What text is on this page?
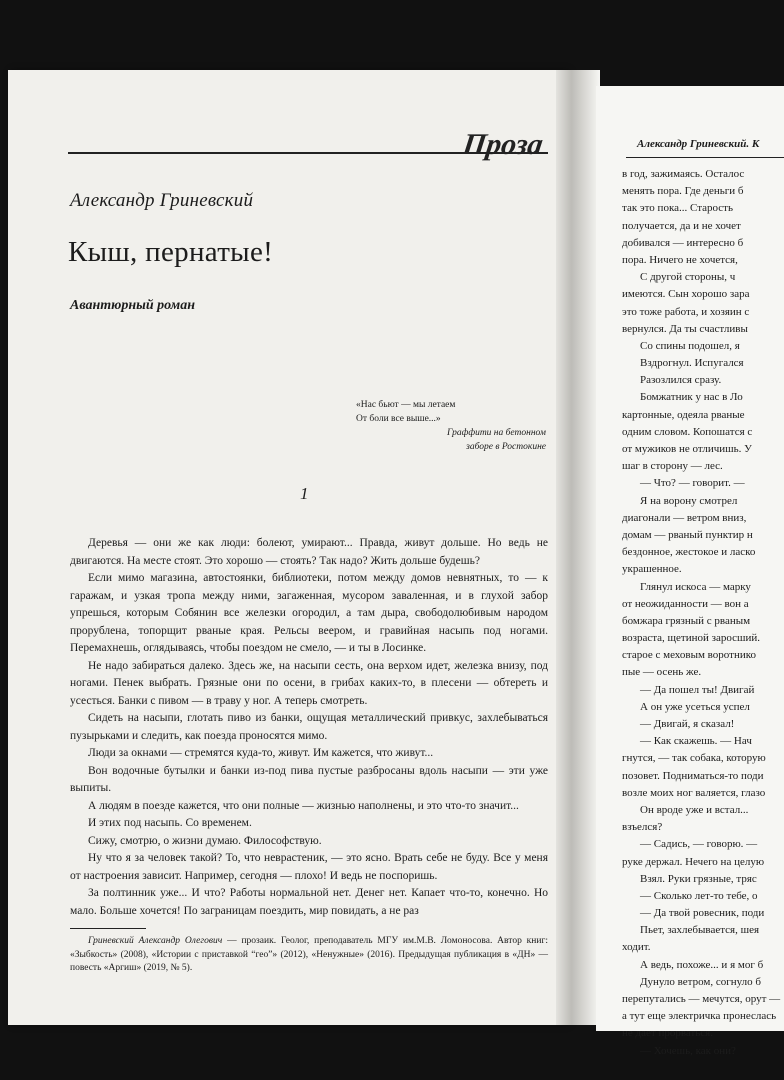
Проза
Александр Гриневский
Кыш, пернатые!
Авантюрный роман
«Нас бьют — мы летаем
От боли все выше...»
Граффити на бетонном
заборе в Ростокине
1

Деревья — они же как люди: болеют, умирают... Правда, живут дольше. Но ведь не двигаются. На месте стоят. Это хорошо — стоять? Так надо? Жить дольше будешь?

Если мимо магазина, автостоянки, библиотеки, потом между домов невнятных, то — к гаражам, и узкая тропа между ними, загаженная, мусором заваленная, и в глухой забор упрешься, которым Собянин все железки огородил, а там дыра, свободолюбивым народом прорублена, топорщит рваные края. Рельсы веером, и гравийная насыпь под ногами. Перемахнешь, оглядываясь, чтобы поездом не смело, — и ты в Лосинке.

Не надо забираться далеко. Здесь же, на насыпи сесть, она верхом идет, железка внизу, под ногами. Пенек выбрать. Грязные они по осени, в грибах каких-то, в плесени — обтереть и усесться. Банки с пивом — в траву у ног. А теперь смотреть.

Сидеть на насыпи, глотать пиво из банки, ощущая металлический привкус, захлебываться пузырьками и следить, как поезда проносятся мимо.

Люди за окнами — стремятся куда-то, живут. Им кажется, что живут...

Вон водочные бутылки и банки из-под пива пустые разбросаны вдоль насыпи — эти уже выпиты.

А людям в поезде кажется, что они полные — жизнью наполнены, и это что-то значит...

И этих под насыпь. Со временем.

Сижу, смотрю, о жизни думаю. Философствую.

Ну что я за человек такой? То, что неврастеник, — это ясно. Врать себе не буду. Все у меня от настроения зависит. Например, сегодня — плохо! И ведь не поспоришь.

За полтинник уже... И что? Работы нормальной нет. Денег нет. Капает что-то, конечно. Но мало. Больше хочется! По заграницам поездить, мир повидать, а не раз

Гриневский Александр Олегович — прозаик. Геолог, преподаватель МГУ им.М.В. Ломоносова. Автор книг: «Зыбкость» (2008), «Истории с приставкой “гео”» (2012), «Ненужные» (2016). Предыдущая публикация в «ДН» — повесть «Аргиш» (2019, № 5).
Александр Гриневский. К
в год, зажимаясь. Осталос
менять пора. Где деньги б
так это пока... Старость
получается, да и не хочет
добивался — интересно б
пора. Ничего не хочется,
С другой стороны, ч
имеются. Сын хорошо зара
это тоже работа, и хозяин с
вернулся. Да ты счастливы
Со спины подошел, я
Вздрогнул. Испугался
Разозлился сразу.
Бомжатник у нас в Ло
картонные, одеяла рваные
одним словом. Копошатся с
от мужиков не отличишь. У
шаг в сторону — лес.
— Что? — говорит. —
Я на ворону смотрел
диагонали — ветром вниз,
домам — рваный пунктир н
бездонное, жестокое и ласко
украшенное.
Глянул искоса — марку
от неожиданности — вон а
бомжара грязный с рваным
возраста, щетиной заросший.
старое с меховым воротнико
пые — осень же.
— Да пошел ты! Двигай
А он уже усеться успел
— Двигай, я сказал!
— Как скажешь. — Нач
гнутся, — так собака, которую
позовет. Подниматься-то поди
возле моих ног валяется, глазо
Он вроде уже и встал...
взъелся?
— Садись, — говорю. —
руке держал. Нечего на целую
Взял. Руки грязные, тряс
— Сколько лет-то тебе, о
— Да твой ровесник, поди
Пьет, захлебывается, шея
ходит.
А ведь, похоже... и я мог б
Дунуло ветром, согнуло б
перепутались — мечутся, орут —
а тут еще электричка пронеслась
не дает прорваться.
— Хочешь, как они?
